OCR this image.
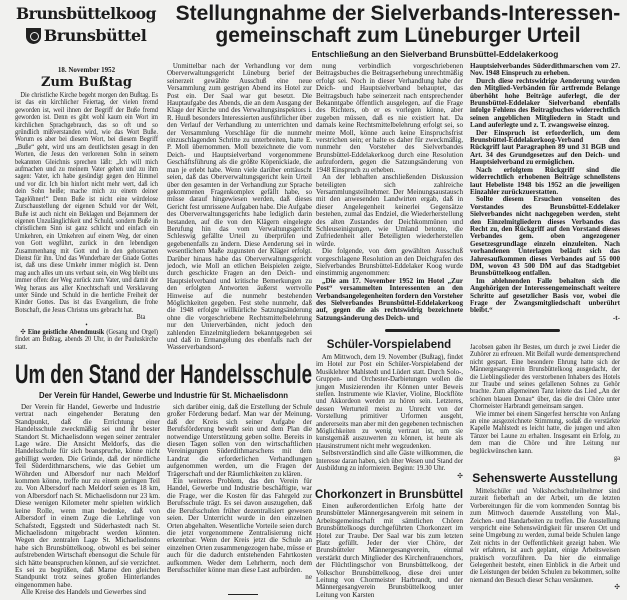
Brunsbüttelkoog
Brunsbüttel
18. November 1952
Zum Bußtag

Die christliche Kirche begeht morgen den Bußtag. Es ist das ein kirchlicher Feiertag, der vielen fremd geworden ist, weil ihnen der Begriff der Buße fremd geworden ist. Denn es gibt wohl kaum ein Wort im kirchlichen Sprachgebrauch, das so oft und so gründlich mißverstanden wird, wie das Wort Buße. Worum es aber bei diesem Wort, bei diesem Begriff „Buße“ geht, wird uns am deutlichsten gesagt in den Worten, die Jesus den verlorenen Sohn in seinem bekannten Gleichnis sprechen läßt: „Ich will mich aufmachen und zu meinem Vater gehen und zu ihm sagen: Vater, ich habe gesündigt gegen den Himmel und vor dir. Ich bin hinfort nicht mehr wert, daß ich dein Sohn heiße; mache mich zu einem deiner Tagelöhner!“ Denn Buße ist nicht eine würdelose Zurschaustellung der eigenen Schuld vor der Welt, Buße ist auch nicht ein Beklagen und Bejammern der eigenen Unzulänglichkeit und Schuld, sondern Buße in christlichem Sinn ist ganz schlicht und einfach ein Umkehren, ein Umkehren auf einem Weg, der einen von Gott wegführt, zurück in den lebendigen Zusammenhang mit Gott und in den gehorsamen Dienst für ihn. Und das Wunderbare der Gnade Gottes ist, daß uns diese Umkehr immer möglich ist. Denn mag auch alles um uns verbaut sein, ein Weg bleibt uns immer offen: der Weg zurück zum Vater, und damit der Weg heraus aus aller Knechtschaft und Versklavung unter Sünde und Schuld in die herrliche Freiheit der Kinder Gottes. Das ist das Evangelium, die frohe Botschaft, die Jesus Christus uns gebracht hat.

Bta
•

✣ Eine geistliche Abendmusik (Gesang und Orgel) findet am Bußtag, abends 20 Uhr, in der Pauluskirche statt.

Stellungnahme der Sielverbands-Interessen-
gemeinschaft zum Lüneburger Urteil
Entschließung an den Sielverband Brunsbüttel-Eddelakerkoog

Unmittelbar nach der Verhandlung vor dem Oberverwaltungsgericht Lüneburg berief der seinerzeit gewählte Ausschuß eine neue Versammlung zum gestrigen Abend ins Hotel zur Post ein. Der Saal war gut besetzt. Die Hauptaufgabe des Abends, die an dem Ausgang der Klage der Kirche und des Verwaltungsinspektors i. R. Huuß besonders Interessierten ausführlicher über den Verlauf der Verhandlung zu unterrichten und der Versammlung Vorschläge für die nunmehr einzuschlagenden Schritte zu unterbreiten, hatte E. P. Moll übernommen. Moll bezeichnete die vom Deich- und Hauptsielverband vorgenommene Geschäftsführung als die größte Köpenickiade, die man je erlebt habe. Wenn viele darüber enttäuscht seien, daß das Oberverwaltungsgericht kein Urteil über den gesamten in der Verhandlung zur Sprache gekommenen Fragenkomplex gefällt habe, so müsse darauf hingewiesen werden, daß dieses Gericht fest umrissene Aufgaben habe. Die Aufgabe des Oberverwaltungsgerichts habe lediglich darin bestanden, auf die von den Klägern eingelegte Berufung hin das vom Verwaltungsgericht Schleswig gefällte Urteil zu überprüfen und gegebenenfalls zu ändern. Diese Aenderung sei in wesentlichem Maße zugunsten der Kläger erfolgt. Darüber hinaus habe das Oberverwaltungsgericht jedoch, wie Moll an etlichen Beispielen zeigte, durch geschickte Fragen an den Deich- und Hauptsielverband und kritische Bemerkungen zu den erfolgten Antworten äußerst wertvolle Hinweise auf die nunmehr bestehenden Möglichkeiten gegeben. Fest stehe nunmehr, daß die 1948 erfolgte willkürliche Satzungsänderung ohne die vorgeschriebene Rechtsmittelbelehrung nur den Unterverbänden, nicht jedoch den zahlenden Einzelmitgliedern bekanntgegeben sei und daß in Ermangelung des ebenfalls nach der Wasserverbandsord-

nung verbindlich vorgeschriebenen Beitragsbuches die Beitragserhebung unrechtmäßig erfolgt sei. Noch in dieser Verhandlung habe der Deich- und Hauptsielverband behauptet, das Beitragsbuch habe seinerzeit nach entsprechender Bekanntgabe öffentlich ausgelegen, auf die Frage des Richters, ob er es vorlegen könne, aber zugeben müssen, daß es nie existiert hat. Da damals keine Rechtsmittelbelehrung erfolgt sei, so meinte Moll, könne auch keine Einspruchsfrist verstrichen sein; er halte es daher für zweckmäßig, nunmehr den Vorsteher des Sielverbandes Brunsbüttel-Eddelakerkoog durch eine Resolution aufzufordern, gegen die Satzungsänderung von 1948 Einspruch zu erheben.

An der lebhaften anschließenden Diskussion beteiligten sich zahlreiche Versammlungsteilnehmer. Der Meinungsaustausch mit den anwesenden Landwirten ergab, daß in dieser Angelegenheit keinerlei Gegensätze bestehen, zumal das Endziel, die Wiederherstellung des alten Zustandes der Deichkommünen und Schleuseinigungen, wie Umland betonte, die Zufriedenheit aller Beteiligten wiederherstellen würde.

Die folgende, von dem gewählten Ausschuß vorgeschlagene Resolution an den Deichgrafen des Sielverbandes Brunsbüttel-Eddelaker Koog wurde einstimmig angenommen:

„Die am 17. November 1952 im Hotel „Zur Post“ versammelten Interessenten an den Verbandsangelegenheiten fordern den Vorsteher des Sielverbandes Brunsbüttel-Eddelakerkoog auf, gegen die als rechtswidrig bezeichnete Satzungsänderung des Deich- und

Hauptsielverbandes Süderdithmarschen vom 27. Nov. 1948 Einspruch zu erheben.

Durch diese rechtswidrige Aenderung wurden den Mitglied-Verbänden für artfremde Belange überhöht hohe Beiträge auferlegt, die der Brunsbüttel-Eddelaker Sielverband ebenfalls infolge Fehlens des Beitragbuches widerrechtlich seinen angeblichen Mitgliedern in Stadt und Land auferlegte und z. T. zwangsweise einzog.

Der Einspruch ist erforderlich, um dem Brunsbüttel-Eddelakerkoog-Verband den Rückgriff laut Paragraphen 89 und 31 BGB und Art. 34 des Grundgesetzes auf den Deich- und Hauptsielverband zu ermöglichen.

Nach erfolgtem Rückgriff sind die widerrechtlich erhobenen Beiträge schnellstens laut Hebeliste 1948 bis 1952 an die jeweiligen Einzahler zurückzuerstatten.

Sollte diesem Ersuchen vonseiten des Vorstandes des Brunsbüttel-Eddelaker Sielverbandes nicht nachgegeben werden, steht den Einzelmitgliedern dieses Verbandes das Recht zu, den Rückgriff auf den Vorstand dieses Verbandes gem. oben angezogener Gesetzesgrundlage einzeln einzuleiten. Nach vorhandenen Unterlagen beläuft sich das Jahresaufkommen dieses Verbandes auf 55 000 DM, wovon 43 500 DM auf das Stadtgebiet Brunsbüttelkoog entfallen.

Im ablehnenden Falle behalten sich die Angehörigen der Interessengemeinschaft weitere Schritte auf gesetzlicher Basis vor, wobei die Frage der Zwangsmitgliedschaft unberührt bleibt.“

-t-
Um den Stand der Handelsschule
Der Verein für Handel, Gewerbe und Industrie für St. Michaelisdonn

Der Verein für Handel, Gewerbe und Industrie vertrat nach eingehender Beratung den Standpunkt, daß die Errichtung einer Handelsschule zweckmäßig sei und ihr bester Standort St. Michaelisdonn wegen seiner zentraler Lage wäre. Die Ansicht Meldorfs, das die Handelsschule für sich beanspruche, könne nicht gebilligt werden. Die Gründe, daß der nördliche Teil Süderdithmarschens, wie das Gebiet um Wöhrden und Albersdorf nur nach Meldorf kommen könne, treffe nur zu einem geringen Teil zu. Von Albersdorf nach Meldorf seien es 18 km, von Albersdorf nach St. Michaelisdonn nur 23 km. Diese wenigen Kilometer mehr spielten wirklich keine Rolle, wenn man bedenke, daß von Albersdorf in einem Zuge die Lehrlinge von Schafstedt, Eggstedt und Süderhastedt nach St. Michaelisdonn mitgebracht werden könnten. Wegen der zentralen Lage St. Michaelisdonns habe sich Brunsbüttelkoog, obwohl es bei seiner aufstrebenden Wirtschaft ebensogut die Schule für sich hätte beanspruchen können, auf sie verzichtet. Es sei zu begrüßen, daß Marne den gleichen Standpunkt trotz seines großen Hinterlandes eingenommen habe.

Alle Kreise des Handels und Gewerbes sind

sich darüber einig, daß die Erstellung der Schule großer Förderung bedarf. Man war der Meinung, daß der Kreis sich seiner Aufgabe der Berufsförderung bewußt sein und dem Plan die notwendige Unterstützung geben sollte. Bereits in diesen Tagen sollen von den wirtschaftlichen Vereinigungen Süderdithmarschens mit dem Landrat die erforderlichen Verhandlungen aufgenommen werden, um die Fragen der Trägerschaft und der Räumlichkeiten zu klären.

Ein weiteres Problem, das den Verein für Handel, Gewerbe und Industrie beschäftigte, war die Frage, wer die Kosten für das Fahrgeld zur Berufsschule trägt. Es sei davon auszugehen, daß die Berufsschulen früher dezentralisiert gewesen seien. Der Unterricht wurde in den einzelnen Orten abgehalten. Wesentliche Vorteile seien durch die jetzt vorgenommene Zentralisierung nicht erkennbar. Wenn der Kreis jetzt die Schule an einzelnen Orten zusammengezogen habe, müsse er auch für die dadurch entstehenden Fahrtkosten aufkommen. Weder dem Lehrherrn, noch dem Berufsschüler könne man diese Last aufbürden.

ne
Schüler-Vorspielabend

Am Mittwoch, dem 19. November (Bußtag), findet im Hotel zur Post ein Schüler-Vorspielabend der Musiklehrer Mahlstedt und Lüdert statt. Durch Solo-, Gruppen- und Orchester-Darbietungen wollen die jungen Musizierenden ihr Können unter Beweis stellen. Instrumente wie Klavier, Violine, Blockflöte und Akkordeon werden zu hören sein. Letzteres, dessen Werturteil meist zu Unrecht von der Vorstellung primitiver Urformen ausgeht, andererseits man aber mit den gegebenen technischen Möglichkeiten zu wenig vertraut ist, um sie kunstgemäß auszuwerten zu können, ist heute als Hausinstrument nicht mehr wegzudenken.

Selbstverständlich sind alle Gäste willkommen, die Interesse daran haben, sich über Wesen und Stand der Ausbildung zu informieren. Beginn: 19.30 Uhr.

✣
Chorkonzert in Brunsbüttel

Einen außerordentlichen Erfolg hatte der Brunsbütteler Männergesangverein mit seinem in Arbeitsgemeinschaft mit sämtlichen Chören Brunsbüttelkoogs durchgeführten Chorkonzert im Hotel zur Traube. Der Saal war bis zum letzten Platz gefüllt. Jeder der vier Chöre, der Brunsbütteler Männergesangverein, einmal verstärkt durch Mitglieder des Kirchenfrauenchors, der Flüchtlingschor von Brunsbüttelkoog, der Volkschor Brunsbüttelkoog, diese drei unter Leitung von Chormeister Harbrandt, und der Männergesangverein Brunsbüttelkoog unter Leitung von Karsten

Jacobsen gaben ihr Bestes, um durch je zwei Lieder die Zuhörer zu erfreuen. Mit Beifall wurde dementsprechend nicht gespart. Eine besondere Ehrung hatte sich der Männergesangverein Brunsbüttelkoog ausgedacht, der die Lieblingslieder des verstorbenen Inhabers des Hotels zur Traube und seines gefallenen Sohnes zu Gehör brachte. Zum allgemeinen Tanz leitete das Lied „An der schönen blauen Donau“ über, das die drei Chöre unter Chormeister Harbrandt gemeinsam sangen.

Wie immer bei einem Sängerfest herrschte von Anfang an eine ausgezeichnete Stimmung, sodaß die verstärkte Kapelle Mahlstedt es leicht hatte, die jungen und alten Tänzer bei Laune zu erhalten. Insgesamt ein Erfolg, zu dem man die Chöre und ihre Leitung nur beglückwünschen kann.

ga
Sehenswerte Ausstellung

Mittelschüler und Volkshochschulteilnehmer sind zurzeit fieberhaft an der Arbeit, um die letzten Vorbereitungen für die vom kommenden Sonntag bis zum Mittwoch dauernde Ausstellung von Mal-, Zeichen- und Handarbeiten zu treffen. Die Ausstellung verspricht eine Sehenswürdigkeit für unseren Ort und seine Umgebung zu werden, zumal beide Schulen lange Zeit nichts in der Oeffentlichkeit gezeigt haben. Wie wir erfahren, ist auch geplant, einige Arbeitsweisen praktisch vorzuführen. Da hier die einmalige Gelegenheit besteht, einen Einblick in die Arbeit und die Leistungen der beiden Schulen zu bekommen, sollte niemand den Besuch dieser Schau versäumen.

✣
